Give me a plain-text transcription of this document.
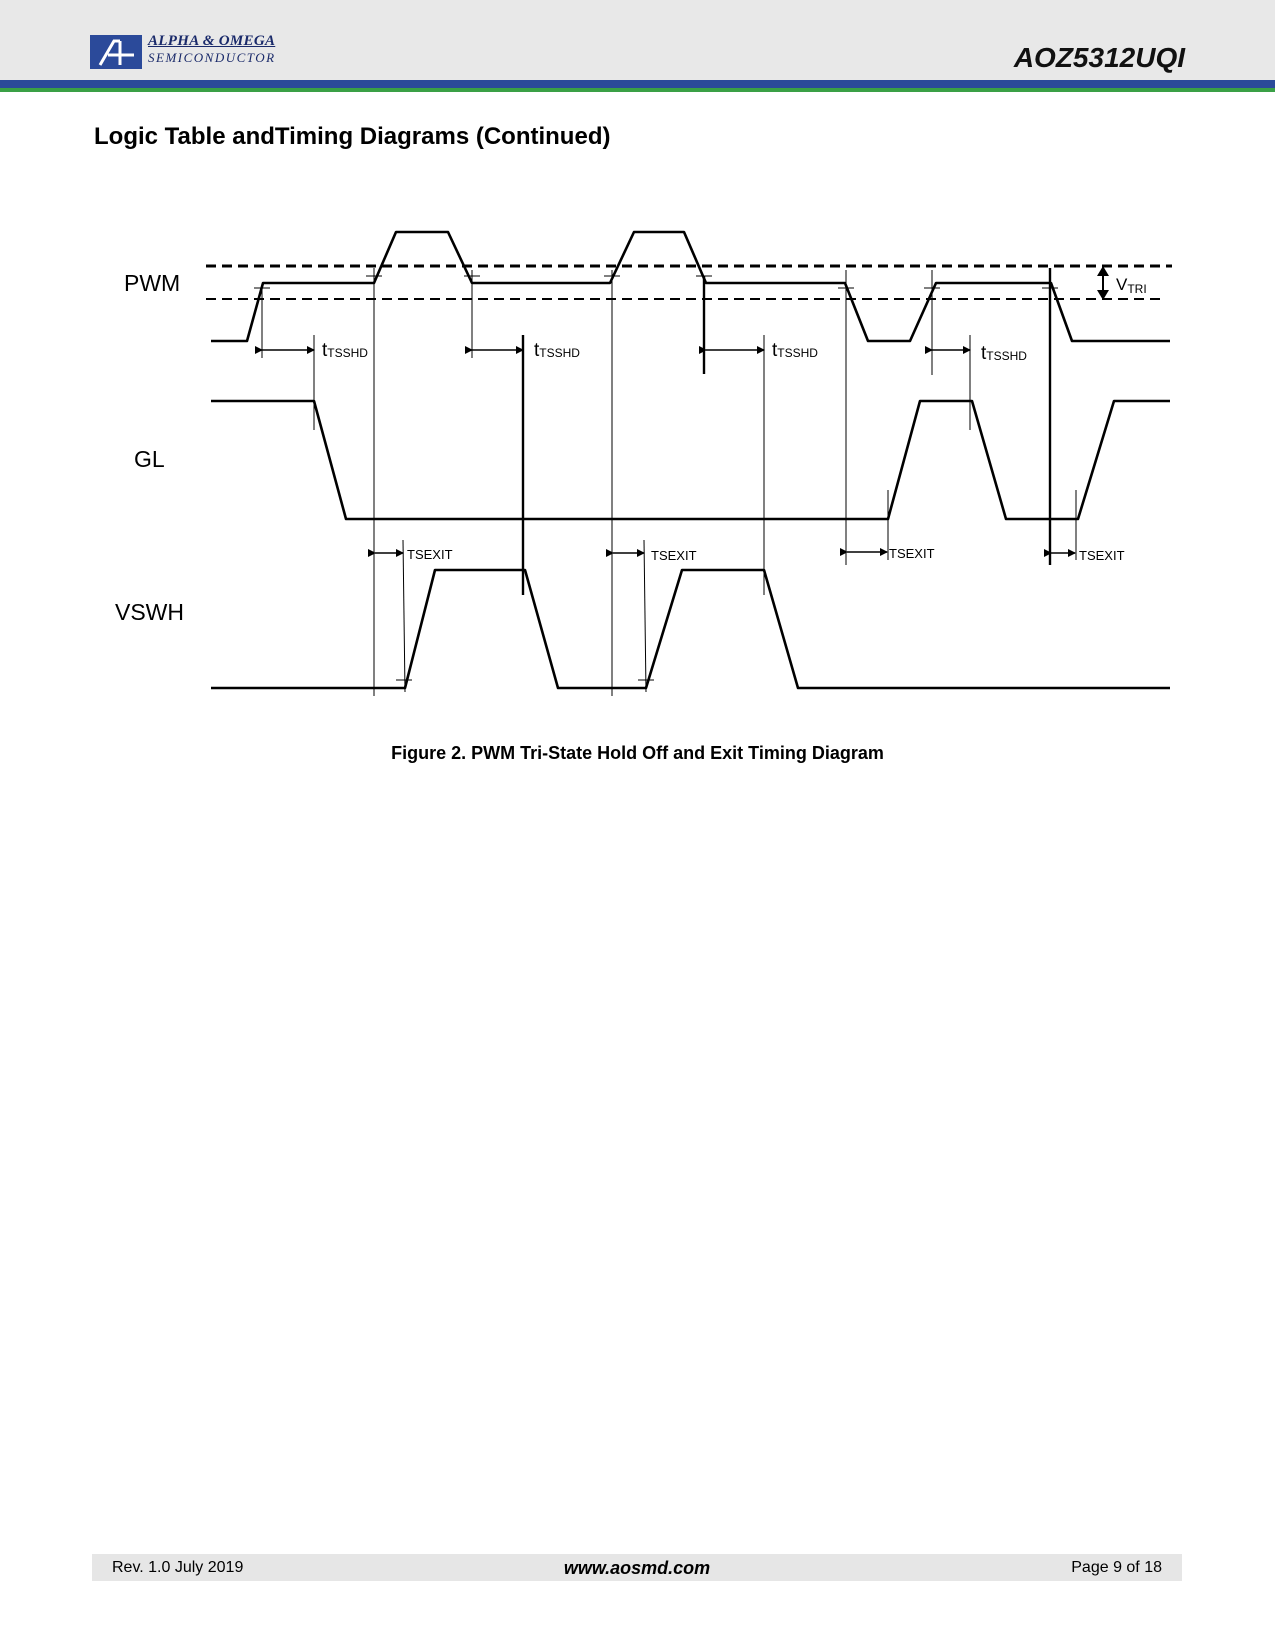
ALPHA & OMEGA
SEMICONDUCTOR	AOZ5312UQI
Logic Table andTiming Diagrams (Continued)
PWM
GL
VSWH
VTRI
tTSSHD	tTSSHD	tTSSHD	tTSSHD
TSEXIT	TSEXIT	TSEXIT	TSEXIT
Figure 2. PWM Tri-State Hold Off and Exit Timing Diagram
Rev. 1.0 July 2019	www.aosmd.com	Page 9 of 18
